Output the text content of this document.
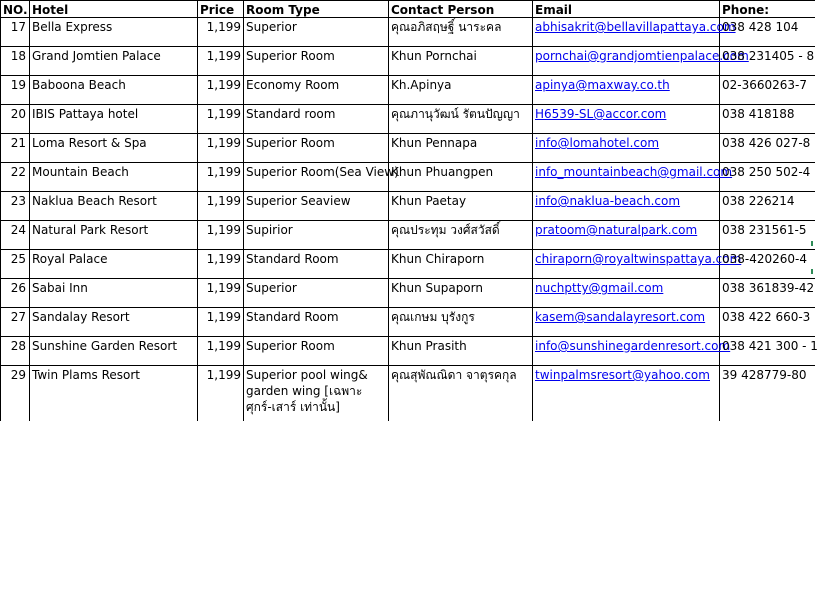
NO.	Hotel	Price	Room Type	Contact Person	Email	Phone:
17	Bella Express	1,199	Superior	คุณอภิสฤษฐิ์ นาระคล	abhisakrit@bellavillapattaya.com	038 428 104
18	Grand Jomtien Palace	1,199	Superior Room	Khun Pornchai	pornchai@grandjomtienpalace.com	038 231405 - 8
19	Baboona Beach	1,199	Economy Room	Kh.Apinya	apinya@maxway.co.th	02-3660263-7
20	IBIS Pattaya hotel	1,199	Standard room	คุณภานุวัฒน์ รัตนปัญญา	H6539-SL@accor.com	038 418188
21	Loma Resort & Spa	1,199	Superior Room	Khun Pennapa	info@lomahotel.com	038 426 027-8
22	Mountain Beach	1,199	Superior Room(Sea View)	Khun Phuangpen	info_mountainbeach@gmail.com	038 250 502-4
23	Naklua Beach Resort	1,199	Superior Seaview	Khun Paetay	info@naklua-beach.com	038 226214
24	Natural Park Resort	1,199	Supirior	คุณประทุม วงศ์สวัสดิ์	pratoom@naturalpark.com	038 231561-5
25	Royal Palace	1,199	Standard Room	Khun Chiraporn	chiraporn@royaltwinspattaya.com	038-420260-4
26	Sabai Inn	1,199	Superior	Khun Supaporn	nuchptty@gmail.com	038 361839-42
27	Sandalay Resort	1,199	Standard Room	คุณเกษม บุรังกูร	kasem@sandalayresort.com	038 422 660-3
28	Sunshine Garden Resort	1,199	Superior Room	Khun Prasith	info@sunshinegardenresort.com	038 421 300 - 1
29	Twin Plams Resort	1,199	Superior pool wing& garden wing [เฉพาะศุกร์-เสาร์ เท่านั้น]	คุณสุพัณณิดา จาตุรคกุล	twinpalmsresort@yahoo.com	39 428779-80
